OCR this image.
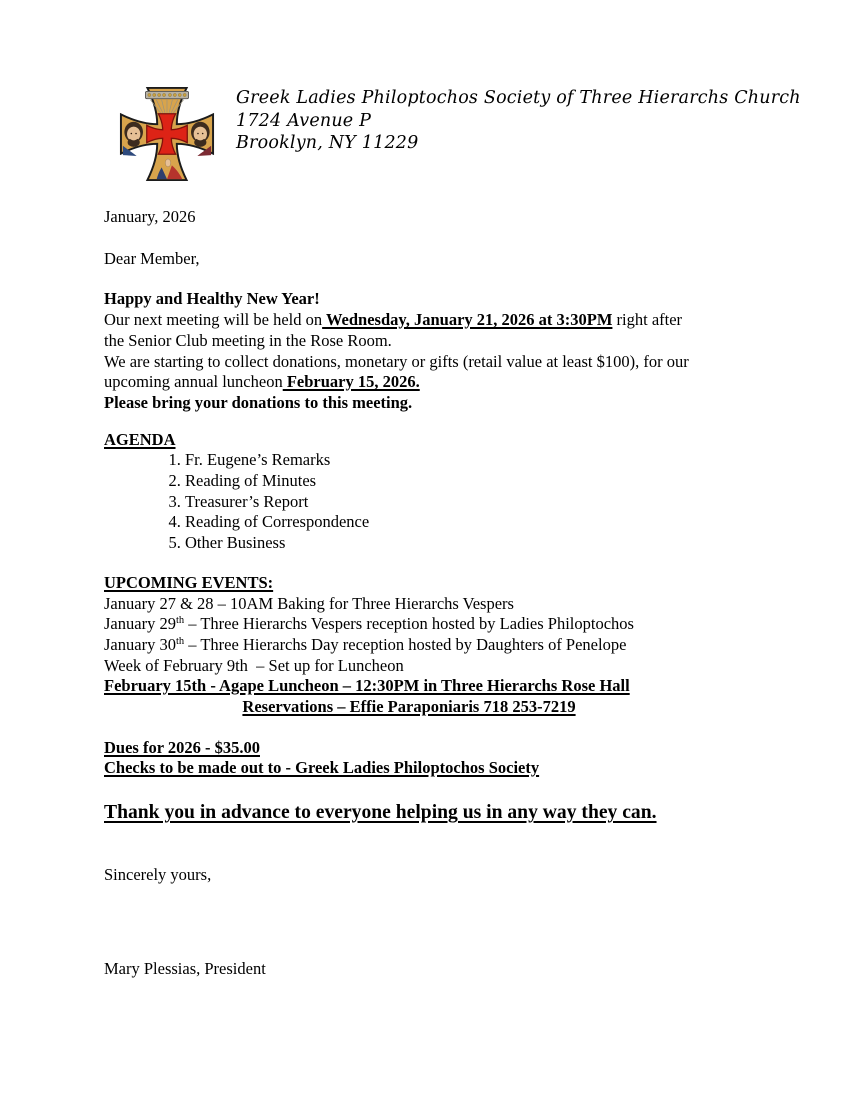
Greek Ladies Philoptochos Society of Three Hierarchs Church
1724 Avenue P
Brooklyn, NY 11229
January, 2026
Dear Member,
Happy and Healthy New Year!
Our next meeting will be held on Wednesday, January 21, 2026 at 3:30PM right after
the Senior Club meeting in the Rose Room.
We are starting to collect donations, monetary or gifts (retail value at least $100), for our
upcoming annual luncheon February 15, 2026.
Please bring your donations to this meeting.
AGENDA
1. Fr. Eugene’s Remarks
2. Reading of Minutes
3. Treasurer’s Report
4. Reading of Correspondence
5. Other Business
UPCOMING EVENTS:
January 27 & 28 – 10AM Baking for Three Hierarchs Vespers
January 29th – Three Hierarchs Vespers reception hosted by Ladies Philoptochos
January 30th – Three Hierarchs Day reception hosted by Daughters of Penelope
Week of February 9th  – Set up for Luncheon
February 15th - Agape Luncheon – 12:30PM in Three Hierarchs Rose Hall
Reservations – Effie Paraponiaris 718 253-7219
Dues for 2026 - $35.00
Checks to be made out to - Greek Ladies Philoptochos Society
Thank you in advance to everyone helping us in any way they can.
Sincerely yours,
Mary Plessias, President
